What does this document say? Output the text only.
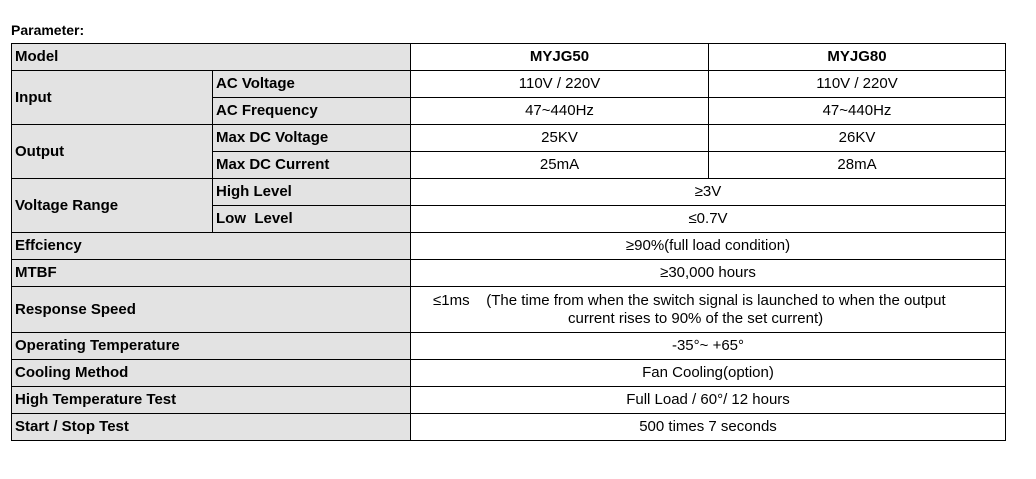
Parameter:
Model		MYJG50	MYJG80
Input	AC Voltage	110V / 220V	110V / 220V
	AC Frequency	47~440Hz	47~440Hz
Output	Max DC Voltage	25KV	26KV
	Max DC Current	25mA	28mA
Voltage Range	High Level	≥3V	
	Low  Level	≤0.7V	
Effciency		≥90%(full load condition)	
MTBF		≥30,000 hours	
Response Speed		≤1ms    (The time from when the switch signal is launched to when the output
current rises to 90% of the set current)	

Operating Temperature		-35°~ +65°	
Cooling Method		Fan Cooling(option)	
High Temperature Test		Full Load / 60°/ 12 hours	
Start / Stop Test		500 times 7 seconds	
